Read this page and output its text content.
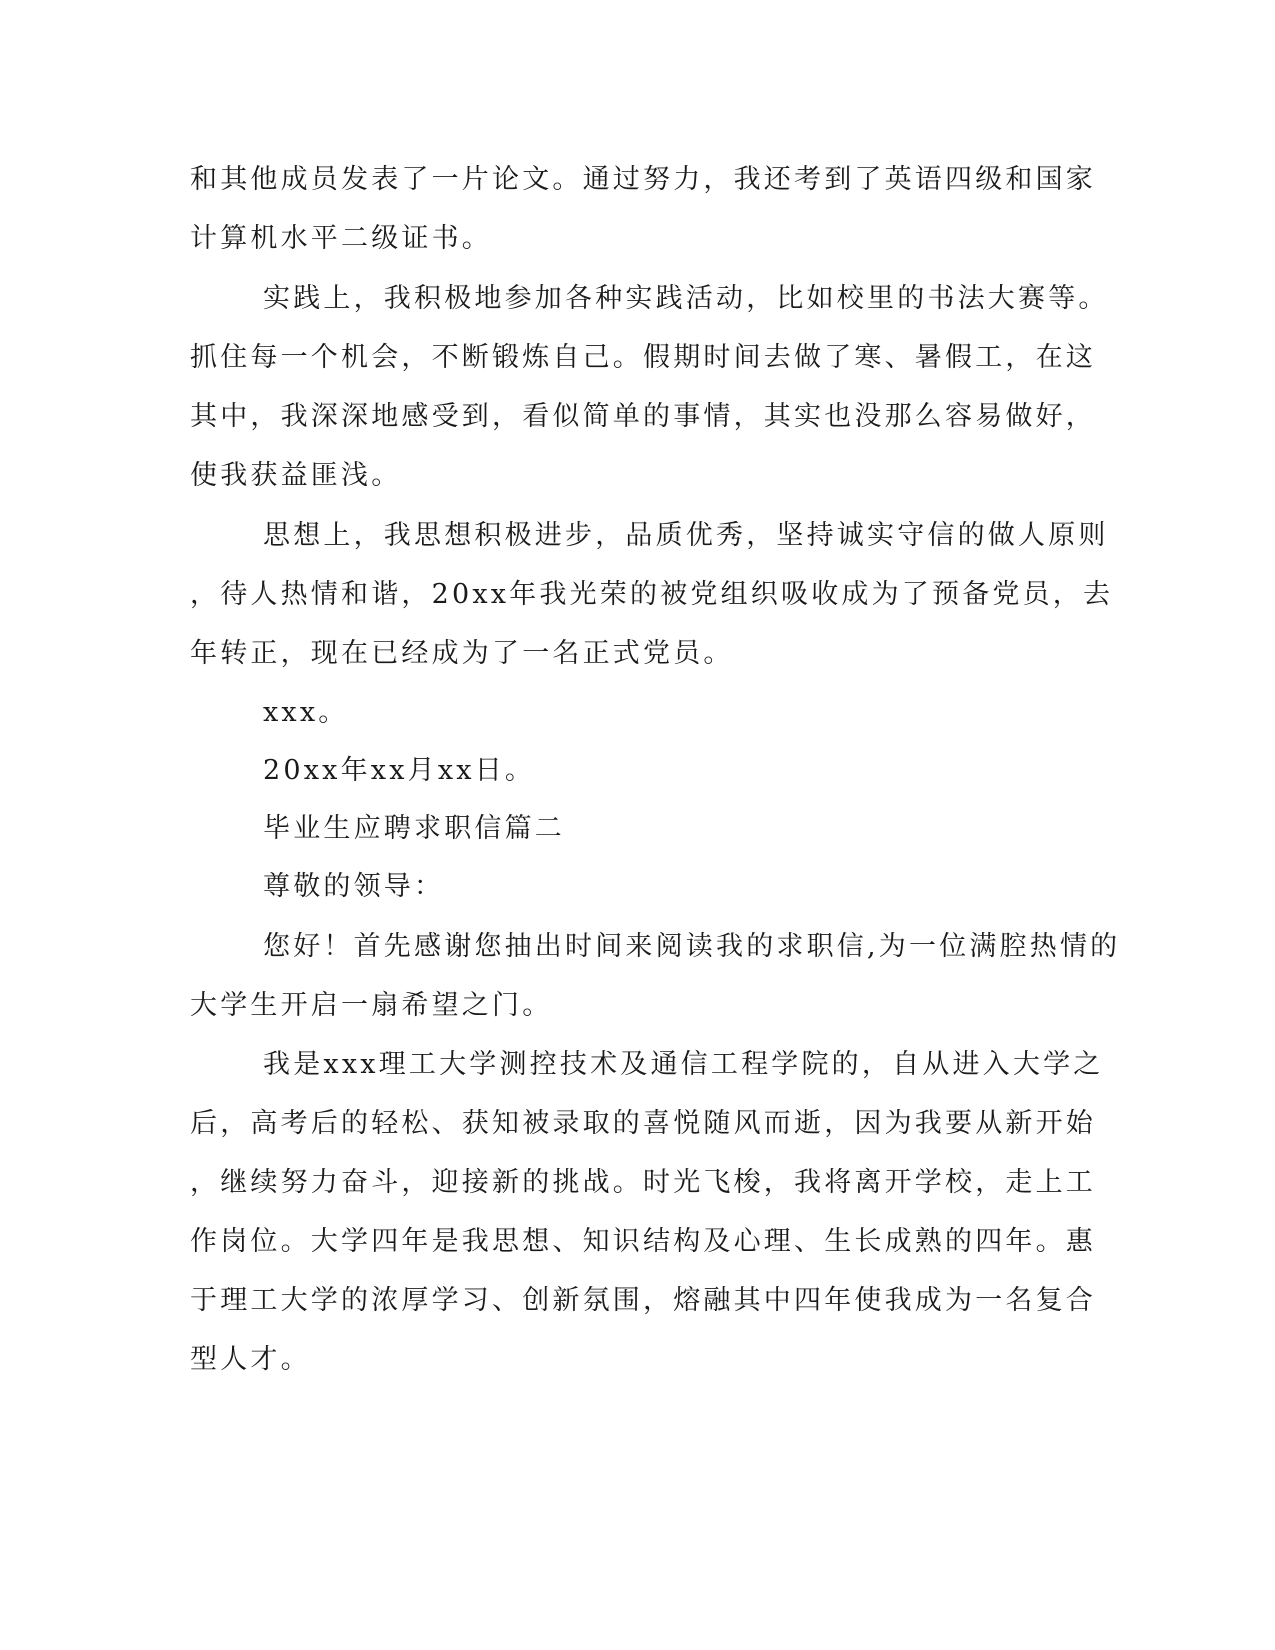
和其他成员发表了一片论文。通过努力，我还考到了英语四级和国家
计算机水平二级证书。
实践上，我积极地参加各种实践活动，比如校里的书法大赛等。
抓住每一个机会，不断锻炼自己。假期时间去做了寒、暑假工，在这
其中，我深深地感受到，看似简单的事情，其实也没那么容易做好，
使我获益匪浅。
思想上，我思想积极进步，品质优秀，坚持诚实守信的做人原则
，待人热情和谐，20xx年我光荣的被党组织吸收成为了预备党员，去
年转正，现在已经成为了一名正式党员。
xxx。
20xx年xx月xx日。
毕业生应聘求职信篇二
尊敬的领导：
您好！首先感谢您抽出时间来阅读我的求职信,为一位满腔热情的
大学生开启一扇希望之门。
我是xxx理工大学测控技术及通信工程学院的，自从进入大学之
后，高考后的轻松、获知被录取的喜悦随风而逝，因为我要从新开始
，继续努力奋斗，迎接新的挑战。时光飞梭，我将离开学校，走上工
作岗位。大学四年是我思想、知识结构及心理、生长成熟的四年。惠
于理工大学的浓厚学习、创新氛围，熔融其中四年使我成为一名复合
型人才。
